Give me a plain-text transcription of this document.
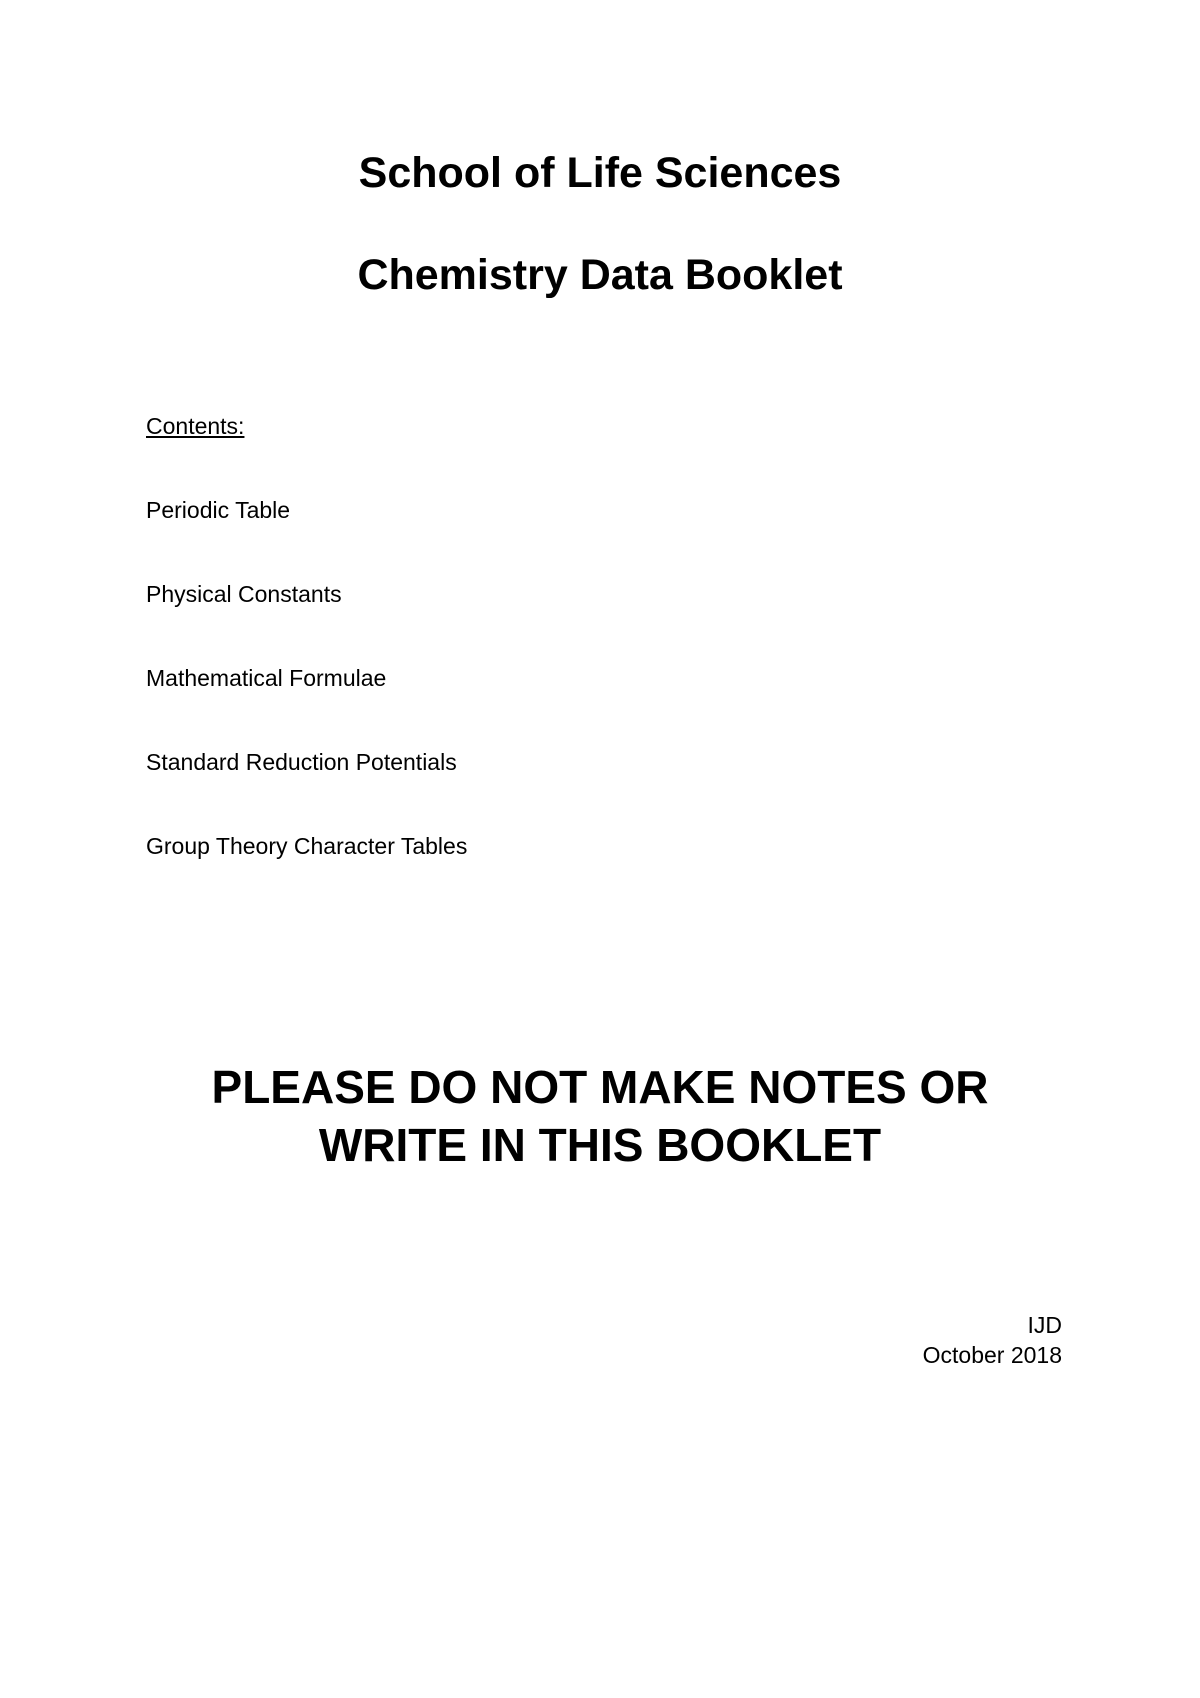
School of Life Sciences
Chemistry Data Booklet

Contents:

Periodic Table
Physical Constants
Mathematical Formulae
Standard Reduction Potentials
Group Theory Character Tables
PLEASE DO NOT MAKE NOTES OR
WRITE IN THIS BOOKLET
IJD
October 2018
